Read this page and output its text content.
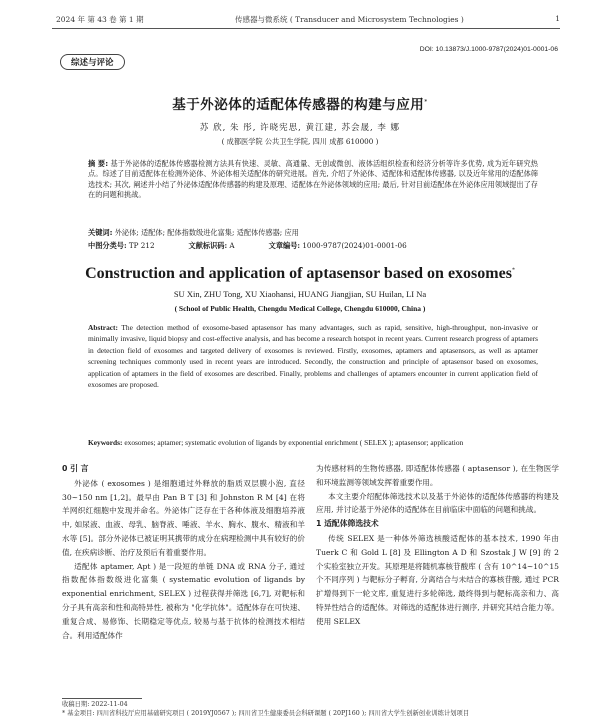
2024 年 第 43 卷 第 1 期	传感器与微系统 ( Transducer and Microsystem Technologies )	1
DOI: 10.13873/J.1000-9787(2024)01-0001-06
综述与评论
基于外泌体的适配体传感器的构建与应用*
苏 欣, 朱 彤, 许晓宪思, 黄江建, 苏会晟, 李 娜
( 成都医学院 公共卫生学院, 四川 成都 610000 )
摘 要: 基于外泌体的适配体传感器检测方法具有快速、灵敏、高通量、无创或微创、液体活组织检查和经济分析等许多优势, 成为近年研究热点。综述了目前适配体在检测外泌体、外泌体相关适配体的研究进展。首先, 介绍了外泌体、适配体和适配体传感器, 以及近年常用的适配体筛选技术; 其次, 阐述并小结了外泌体适配体传感器的构建及原理、适配体在外泌体领域的应用; 最后, 针对目前适配体在外泌体应用领域提出了存在的问题和挑战。
关键词: 外泌体; 适配体; 配体指数级进化富集; 适配体传感器; 应用
中图分类号: TP 212	文献标识码: A	文章编号: 1000-9787(2024)01-0001-06
Construction and application of aptasensor based on exosomes*
SU Xin, ZHU Tong, XU Xiaohansi, HUANG Jiangjian, SU Huilan, LI Na
( School of Public Health, Chengdu Medical College, Chengdu 610000, China )
Abstract: The detection method of exosome-based aptasensor has many advantages, such as rapid, sensitive, high-throughput, non-invasive or minimally invasive, liquid biopsy and cost-effective analysis, and has become a research hotspot in recent years. Current research progress of aptamers in detection field of exosomes and targeted delivery of exosomes is reviewed. Firstly, exosomes, aptamers and aptasensors, as well as aptamer screening techniques commonly used in recent years are introduced. Secondly, the construction and principle of aptasensor based on exosomes, application of aptamers in the field of exosomes are described. Finally, problems and challenges of aptamers encounter in current application field of exosomes are proposed.
Keywords: exosomes; aptamer; systematic evolution of ligands by exponential enrichment ( SELEX ); aptasensor; application
0 引 言

外泌体 ( exosomes ) 是细胞通过外释放的脂质双层膜小泡, 直径 30~150 nm [1,2]。最早由 Pan B T [3] 和 Johnston R M [4] 在将羊网织红细胞中发现并命名。外泌体广泛存在于各种体液及细胞培养液中, 如尿液、血液、母乳、脑脊液、唾液、羊水、胸水、腹水、精液和羊水等 [5]。部分外泌体已被证明其携带的成分在病理检测中具有较好的价值, 在疾病诊断、治疗及预后有着重要作用。

适配体 aptamer, Apt ) 是一段短的单链 DNA 或 RNA 分子, 通过指数配体指数级进化富集 ( systematic evolution of ligands by exponential enrichment, SELEX ) 过程获得并筛选 [6,7], 对靶标和分子具有高亲和性和高特异性, 被称为 "化学抗体"。适配体存在可快速、重复合成、易修饰、长期稳定等优点, 较易与基于抗体的检测技术相结合。利用适配体作

为传感材料的生物传感器, 即适配体传感器 ( aptasensor ), 在生物医学和环境监测等领域发挥着重要作用。

本文主要介绍配体筛选技术以及基于外泌体的适配体传感器的构建及应用, 并讨论基于外泌体的适配体在目前临床中面临的问题和挑战。

1 适配体筛选技术

传统 SELEX 是一种体外筛选核酸适配体的基本技术, 1990 年由 Tuerk C 和 Gold L [8] 及 Ellington A D 和 Szostak J W [9] 的 2 个实验室独立开发。其原理是将随机寡核苷酸库 ( 含有 10^14~10^15 个不同序列 ) 与靶标分子孵育, 分离结合与未结合的寡核苷酸, 通过 PCR 扩增得到下一轮文库, 重复进行多轮筛选, 最终得到与靶标高亲和力、高特异性结合的适配体。对筛选的适配体进行测序, 并研究其结合能力等。使用 SELEX

收稿日期: 2022-11-04
* 基金项目: 四川省科技厅应用基础研究项目 ( 2019YJ0567 ); 四川省卫生健康委员会科研课题 ( 20PJ160 ); 四川省大学生创新创业训练计划项目
